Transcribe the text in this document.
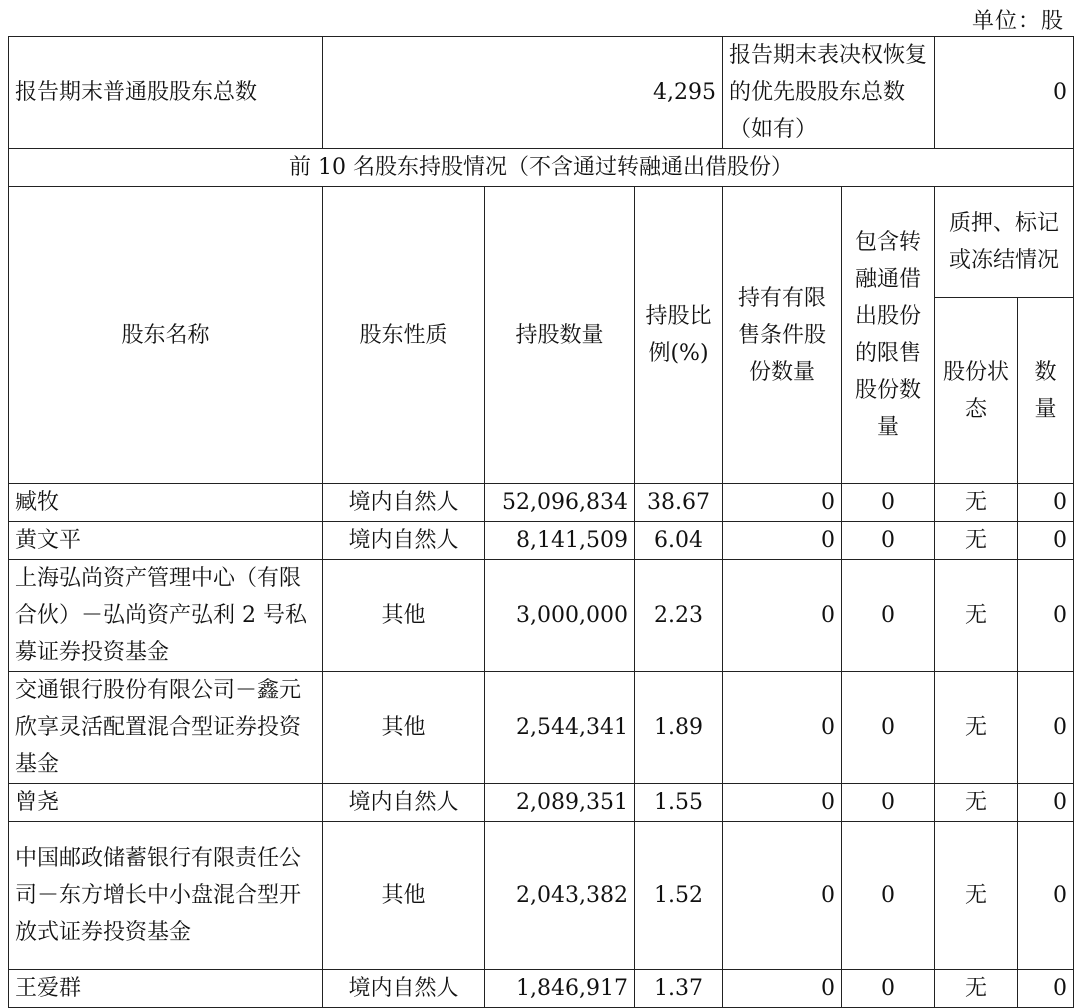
单位：股
报告期末普通股股东总数	4,295			报告期末表决权恢复的优先股股东总数（如有）		0	
前 10 名股东持股情况（不含通过转融通出借股份）							
股东名称	股东性质	持股数量	持股比例(%)	持有有限售条件股份数量	包含转融通借出股份的限售股份数量	质押、标记或冻结情况	
						股份状态	数量
臧牧	境内自然人	52,096,834	38.67	0	0	无	0
黄文平	境内自然人	8,141,509	6.04	0	0	无	0
上海弘尚资产管理中心（有限合伙）－弘尚资产弘利 2 号私募证券投资基金	其他	3,000,000	2.23	0	0	无	0
交通银行股份有限公司－鑫元欣享灵活配置混合型证券投资基金	其他	2,544,341	1.89	0	0	无	0
曾尧	境内自然人	2,089,351	1.55	0	0	无	0
中国邮政储蓄银行有限责任公司－东方增长中小盘混合型开放式证券投资基金	其他	2,043,382	1.52	0	0	无	0
王爱群	境内自然人	1,846,917	1.37	0	0	无	0
